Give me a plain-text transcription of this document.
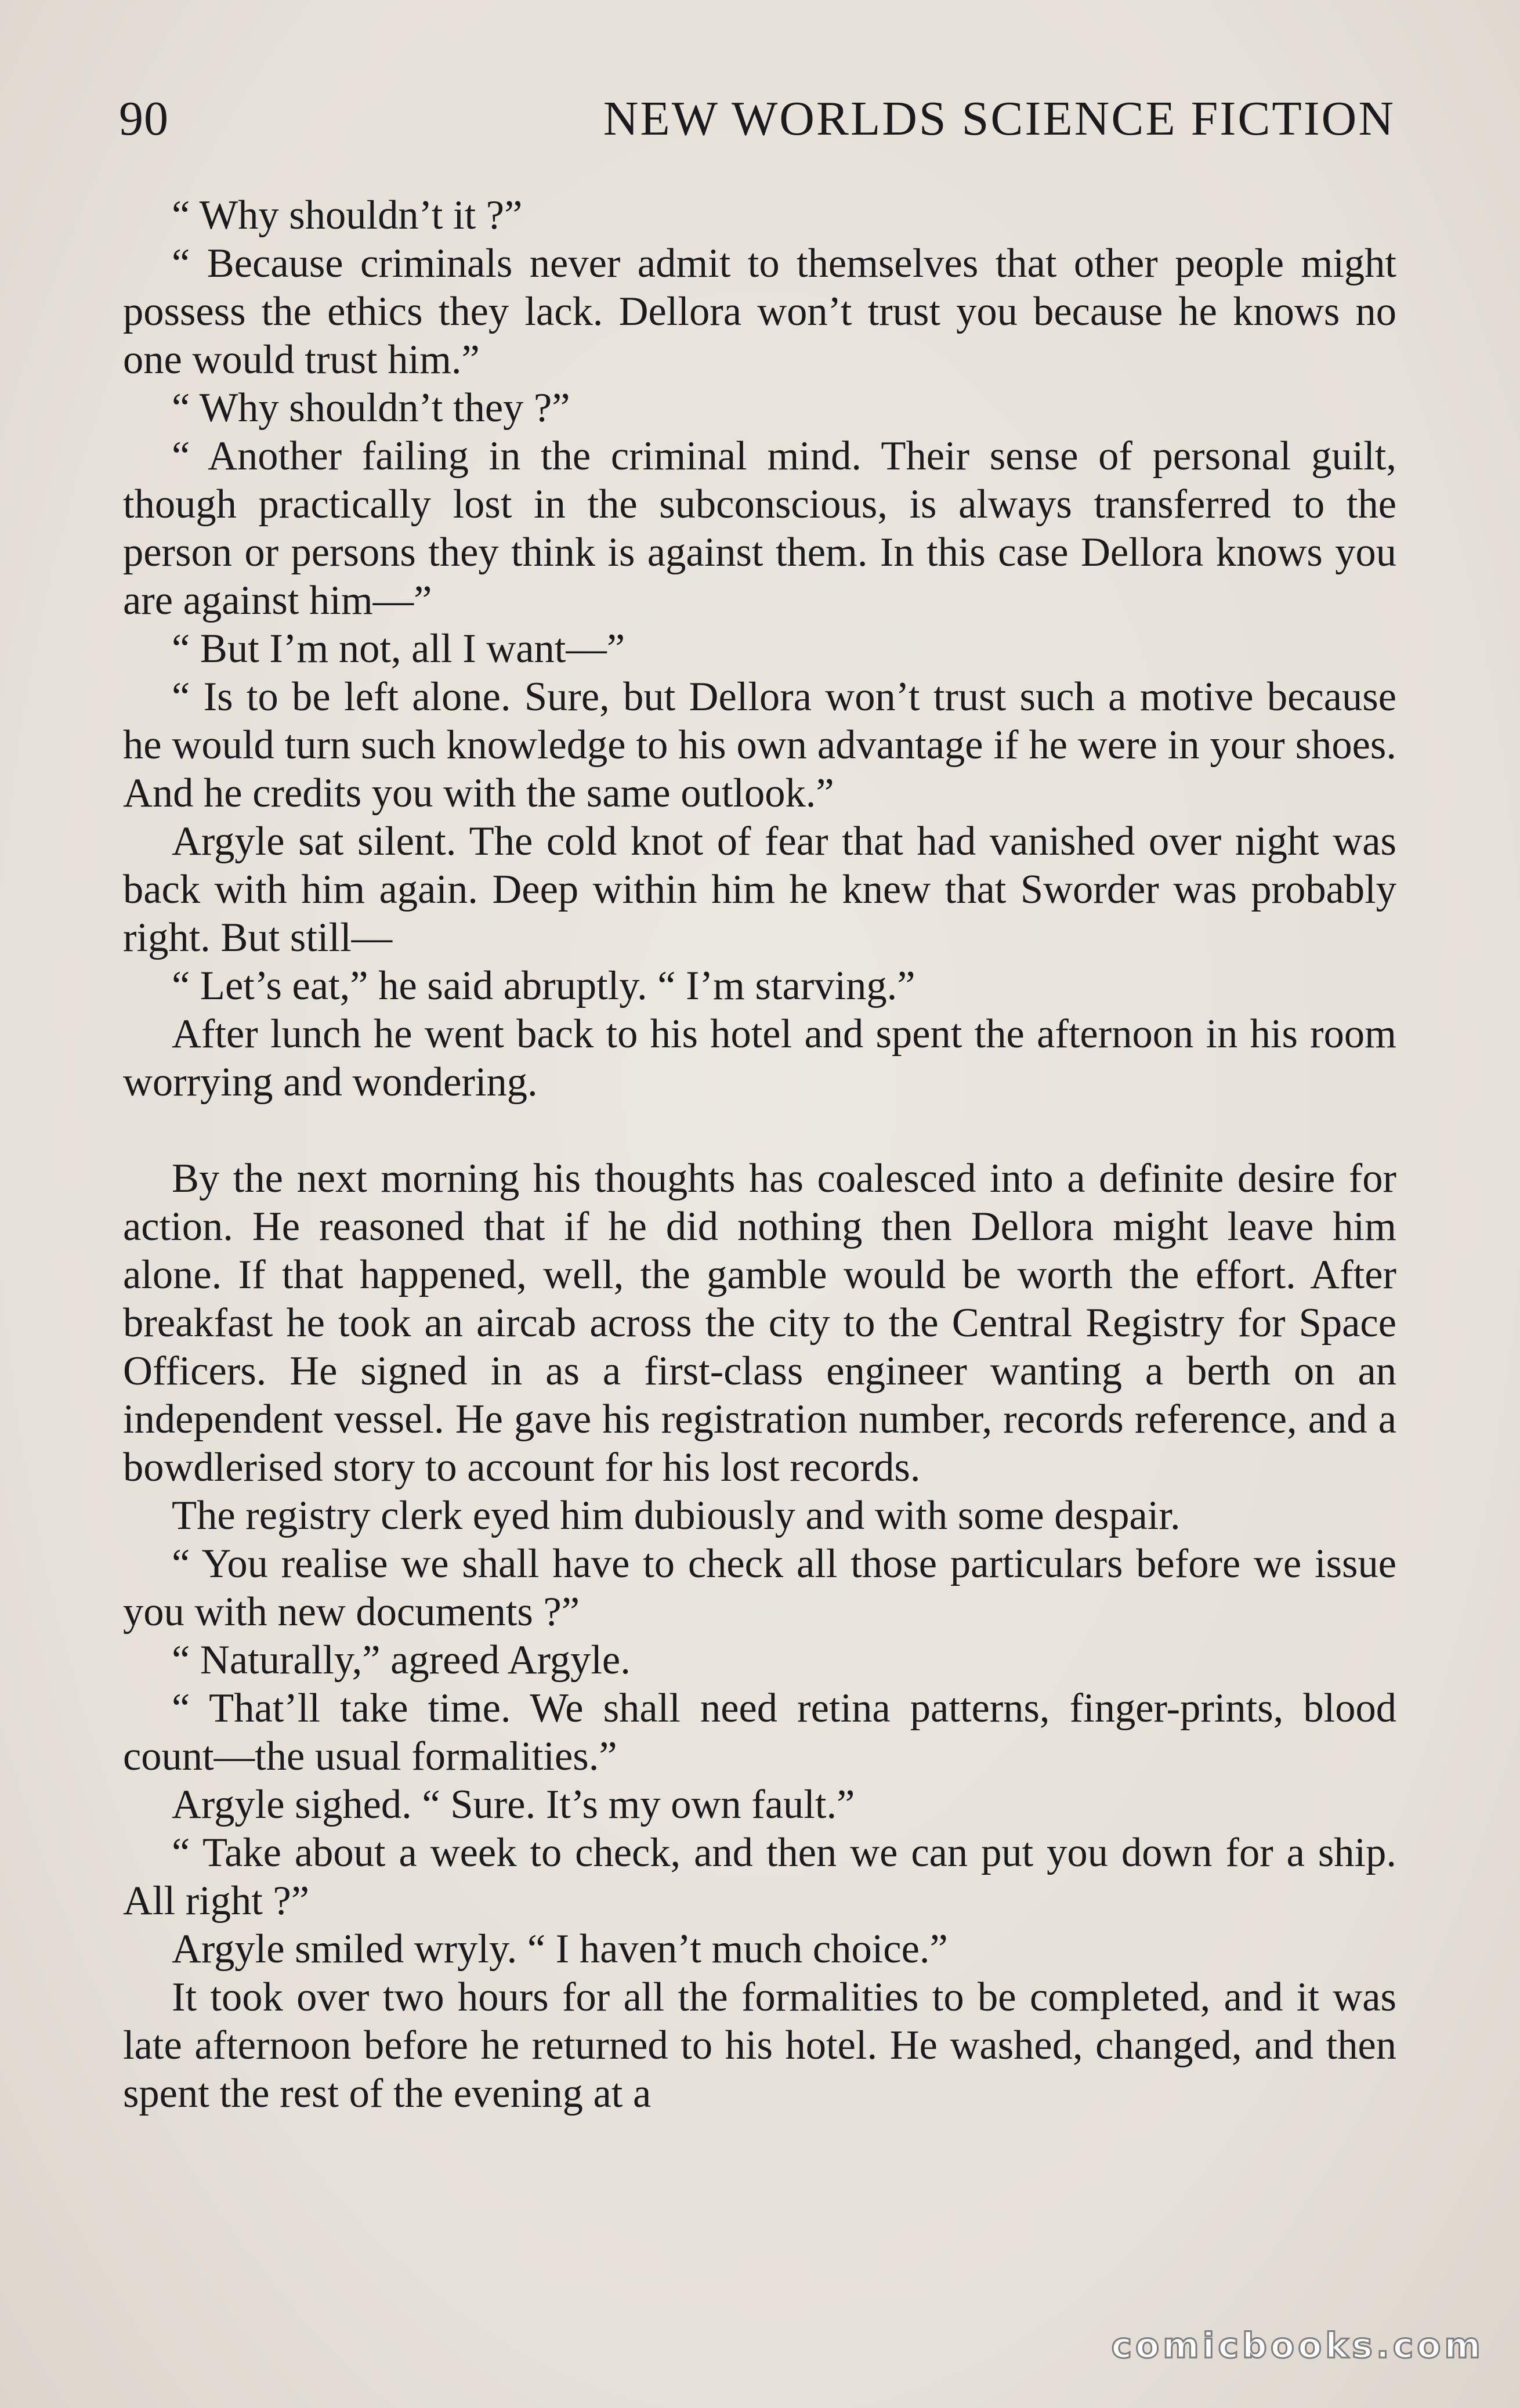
90	NEW WORLDS SCIENCE FICTION

“ Why shouldn’t it ?”

“ Because criminals never admit to themselves that other people might possess the ethics they lack. Dellora won’t trust you because he knows no one would trust him.”

“ Why shouldn’t they ?”

“ Another failing in the criminal mind. Their sense of personal guilt, though practically lost in the subconscious, is always transferred to the person or persons they think is against them. In this case Dellora knows you are against him—”

“ But I’m not, all I want—”

“ Is to be left alone. Sure, but Dellora won’t trust such a motive because he would turn such knowledge to his own advantage if he were in your shoes. And he credits you with the same outlook.”

Argyle sat silent. The cold knot of fear that had vanished over night was back with him again. Deep within him he knew that Sworder was probably right. But still—

“ Let’s eat,” he said abruptly. “ I’m starving.”

After lunch he went back to his hotel and spent the afternoon in his room worrying and wondering.

By the next morning his thoughts has coalesced into a definite desire for action. He reasoned that if he did nothing then Dellora might leave him alone. If that happened, well, the gamble would be worth the effort. After breakfast he took an aircab across the city to the Central Registry for Space Officers. He signed in as a first-class engineer wanting a berth on an independent vessel. He gave his registration number, records reference, and a bowdlerised story to account for his lost records.

The registry clerk eyed him dubiously and with some despair.

“ You realise we shall have to check all those particulars before we issue you with new documents ?”

“ Naturally,” agreed Argyle.

“ That’ll take time. We shall need retina patterns, finger-prints, blood count—the usual formalities.”

Argyle sighed. “ Sure. It’s my own fault.”

“ Take about a week to check, and then we can put you down for a ship. All right ?”

Argyle smiled wryly. “ I haven’t much choice.”

It took over two hours for all the formalities to be completed, and it was late afternoon before he returned to his hotel. He washed, changed, and then spent the rest of the evening at a

comicbooks.com
